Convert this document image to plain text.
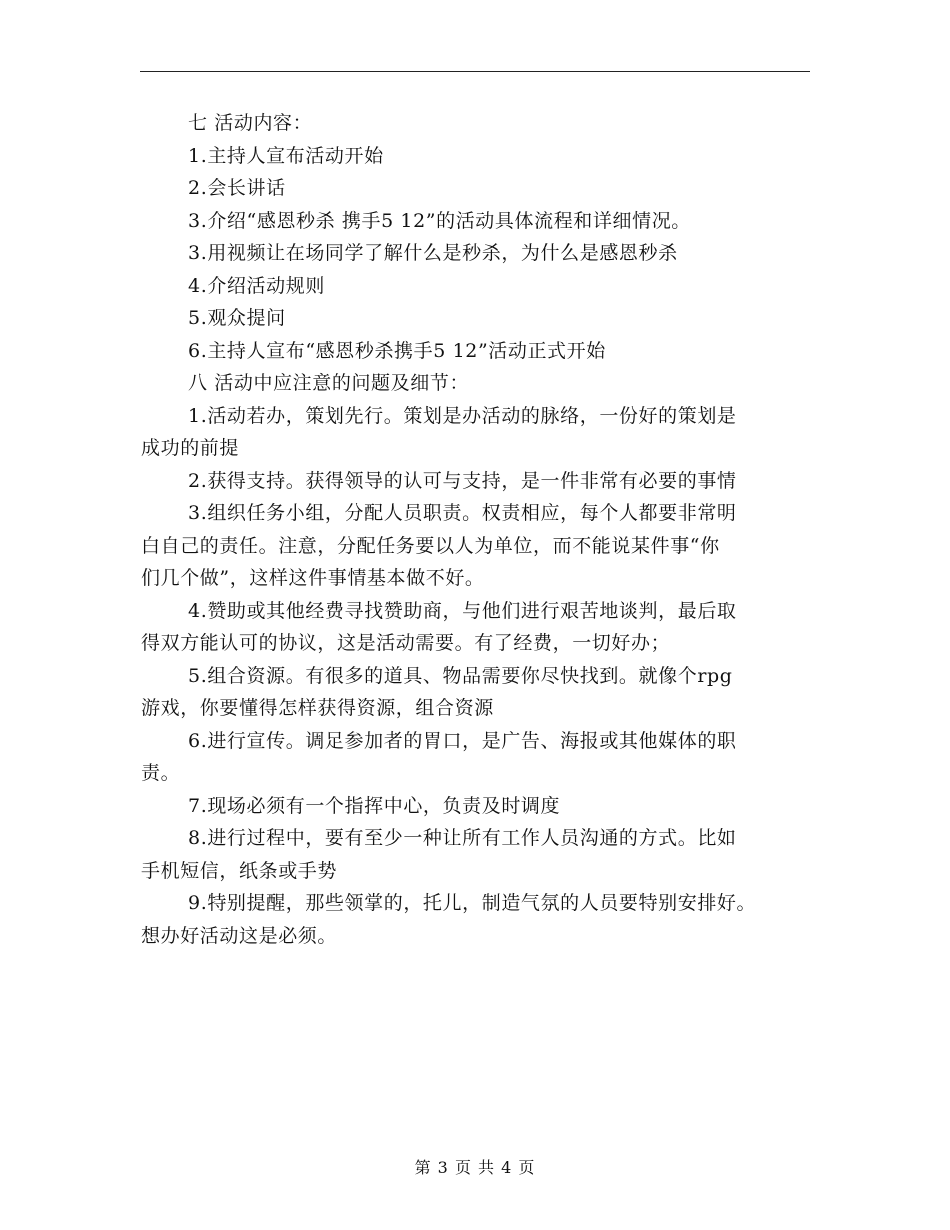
七 活动内容：
1.主持人宣布活动开始
2.会长讲话
3.介绍“感恩秒杀 携手5 12”的活动具体流程和详细情况。
3.用视频让在场同学了解什么是秒杀，为什么是感恩秒杀
4.介绍活动规则
5.观众提问
6.主持人宣布“感恩秒杀携手5 12”活动正式开始
八 活动中应注意的问题及细节：
1.活动若办，策划先行。策划是办活动的脉络，一份好的策划是
成功的前提
2.获得支持。获得领导的认可与支持，是一件非常有必要的事情
3.组织任务小组，分配人员职责。权责相应，每个人都要非常明
白自己的责任。注意，分配任务要以人为单位，而不能说某件事“你
们几个做”，这样这件事情基本做不好。
4.赞助或其他经费寻找赞助商，与他们进行艰苦地谈判，最后取
得双方能认可的协议，这是活动需要。有了经费，一切好办；
5.组合资源。有很多的道具、物品需要你尽快找到。就像个rpg
游戏，你要懂得怎样获得资源，组合资源
6.进行宣传。调足参加者的胃口，是广告、海报或其他媒体的职
责。
7.现场必须有一个指挥中心，负责及时调度
8.进行过程中，要有至少一种让所有工作人员沟通的方式。比如
手机短信，纸条或手势
9.特别提醒，那些领掌的，托儿，制造气氛的人员要特别安排好。
想办好活动这是必须。
第 3 页 共 4 页
